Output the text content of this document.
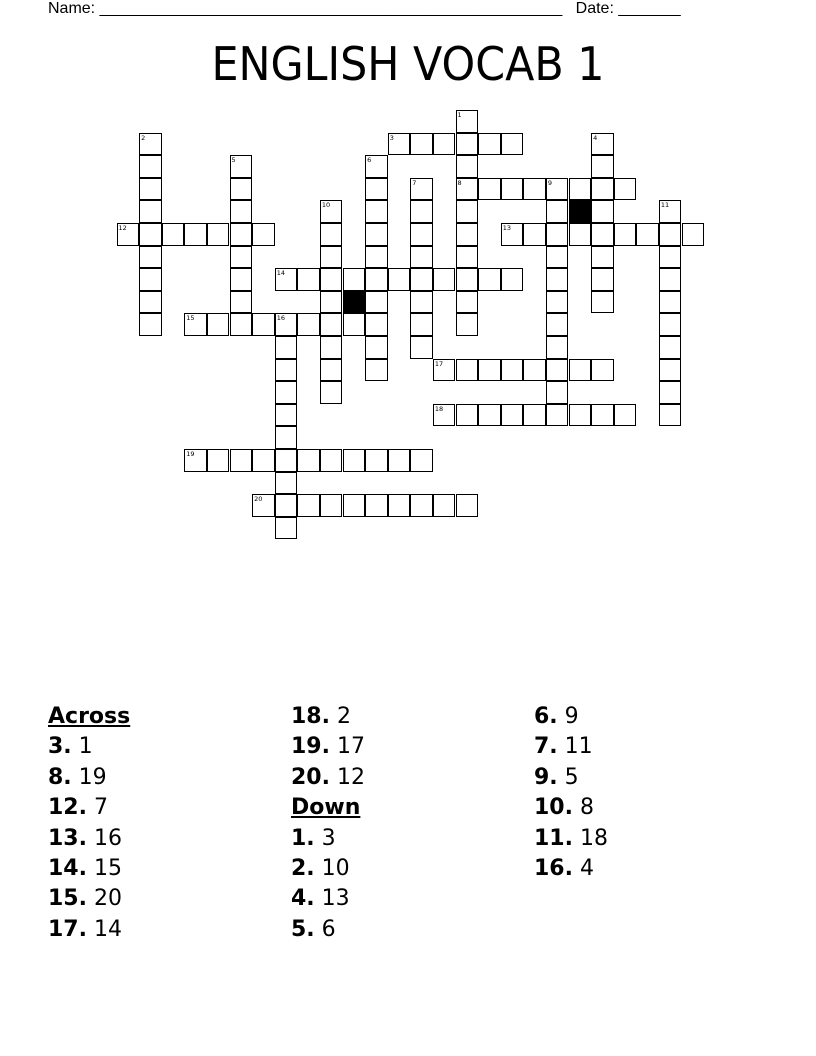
Name: ____________________________________________________ Date: _______
ENGLISH VOCAB 1
1
8
2	3	4
5	6
7	9
10	11
12	13
14
15	16
17
18
19
20
Across
3. 1
8. 19
12. 7
13. 16
14. 15
15. 20
17. 14
18. 2
19. 17
20. 12
Down
1. 3
2. 10
4. 13
5. 6
6. 9
7. 11
9. 5
10. 8
11. 18
16. 4
